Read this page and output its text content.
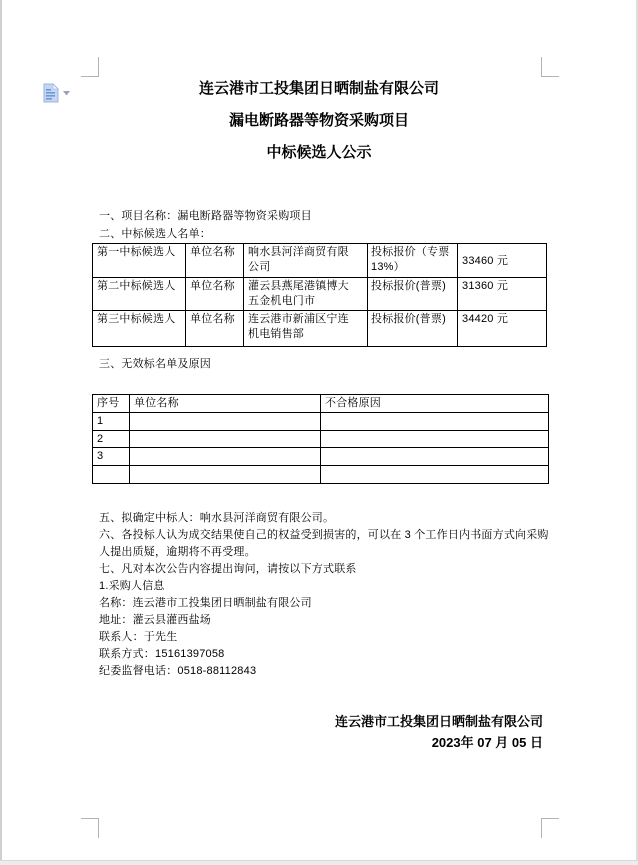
连云港市工投集团日晒制盐有限公司
漏电断路器等物资采购项目
中标候选人公示
一、项目名称：漏电断路器等物资采购项目
二、中标候选人名单：
第一中标候选人	单位名称	响水县河洋商贸有限公司	投标报价（专票13%）	33460 元
第二中标候选人	单位名称	灌云县燕尾港镇博大五金机电门市	投标报价(普票)	31360 元
第三中标候选人	单位名称	连云港市新浦区宁连机电销售部	投标报价(普票)	34420 元
三、无效标名单及原因
序号	单位名称	不合格原因
1		
2		
3		

五、拟确定中标人：响水县河洋商贸有限公司。
六、各投标人认为成交结果使自己的权益受到损害的，可以在 3 个工作日内书面方式向采购
人提出质疑，逾期将不再受理。
七、凡对本次公告内容提出询问，请按以下方式联系
1.采购人信息
名称：连云港市工投集团日晒制盐有限公司
地址：灌云县灌西盐场
联系人：于先生
联系方式：15161397058
纪委监督电话：0518-88112843
连云港市工投集团日晒制盐有限公司
2023年 07 月 05 日
